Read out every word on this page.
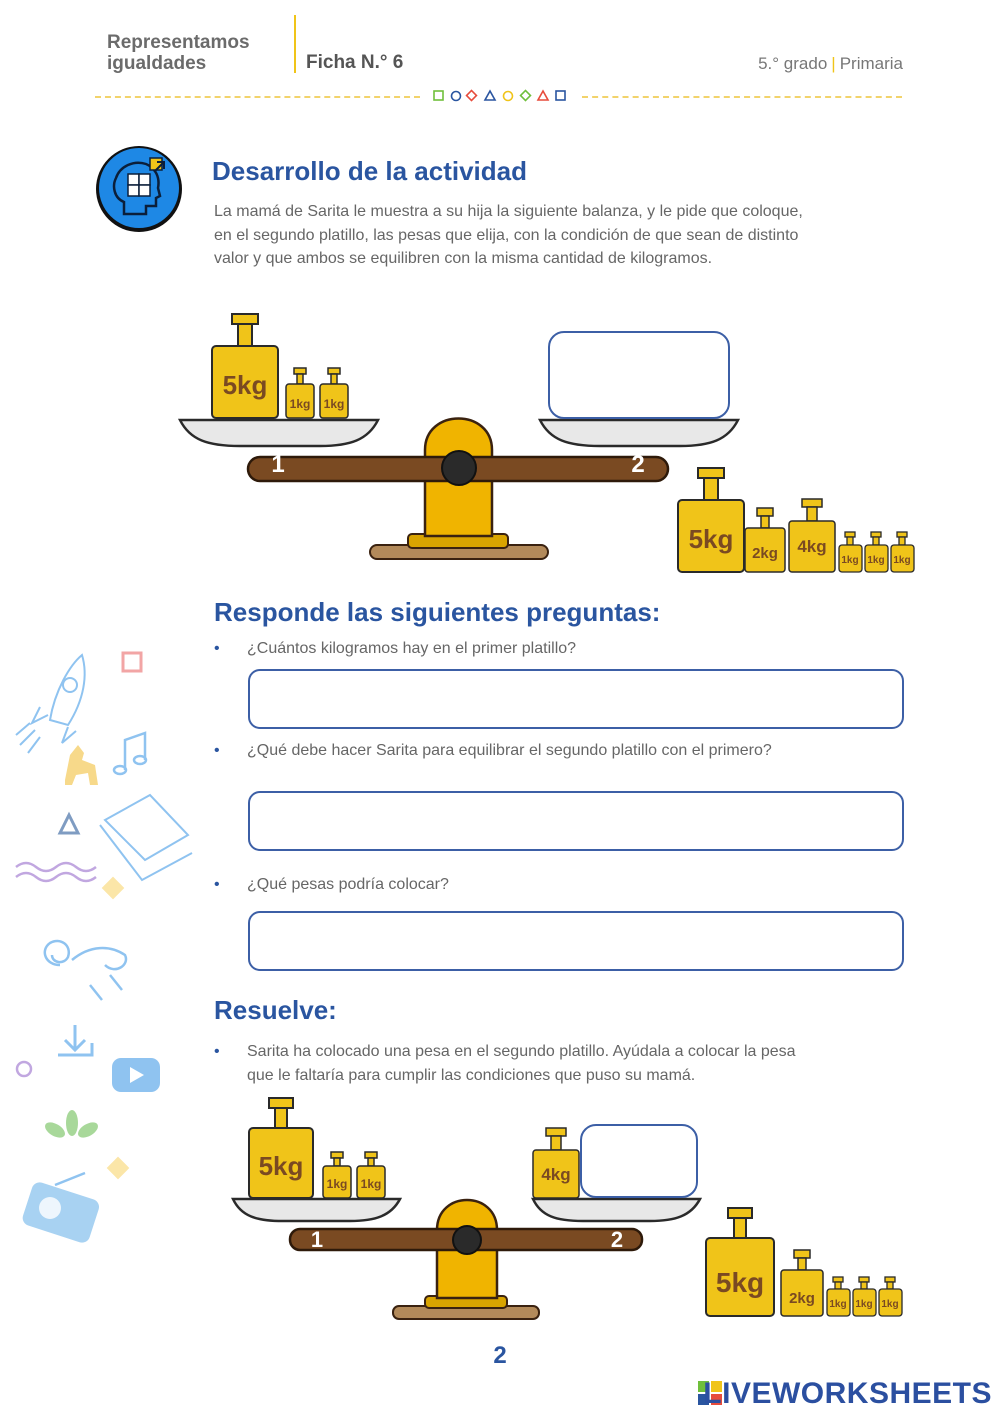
Representamos
igualdades	Ficha N.° 6	5.° grado | Primaria
Desarrollo de la actividad
La mamá de Sarita le muestra a su hija la siguiente balanza, y le pide que coloque,
en el segundo platillo, las pesas que elija, con la condición de que sean de distinto
valor y que ambos se equilibren con la misma cantidad de kilogramos.
1	2
5kg
1kg 1kg
5kg 2kg 4kg
1kg 1kg 1kg
Responde las siguientes preguntas:
• ¿Cuántos kilogramos hay en el primer platillo?
• ¿Qué debe hacer Sarita para equilibrar el segundo platillo con el primero?
• ¿Qué pesas podría colocar?
Resuelve:
• Sarita ha colocado una pesa en el segundo platillo. Ayúdala a colocar la pesa
que le faltaría para cumplir las condiciones que puso su mamá.
1	2
5kg
1kg 1kg	4kg
5kg
2kg 1kg 1kg 1kg
2
LIVEWORKSHEETS
